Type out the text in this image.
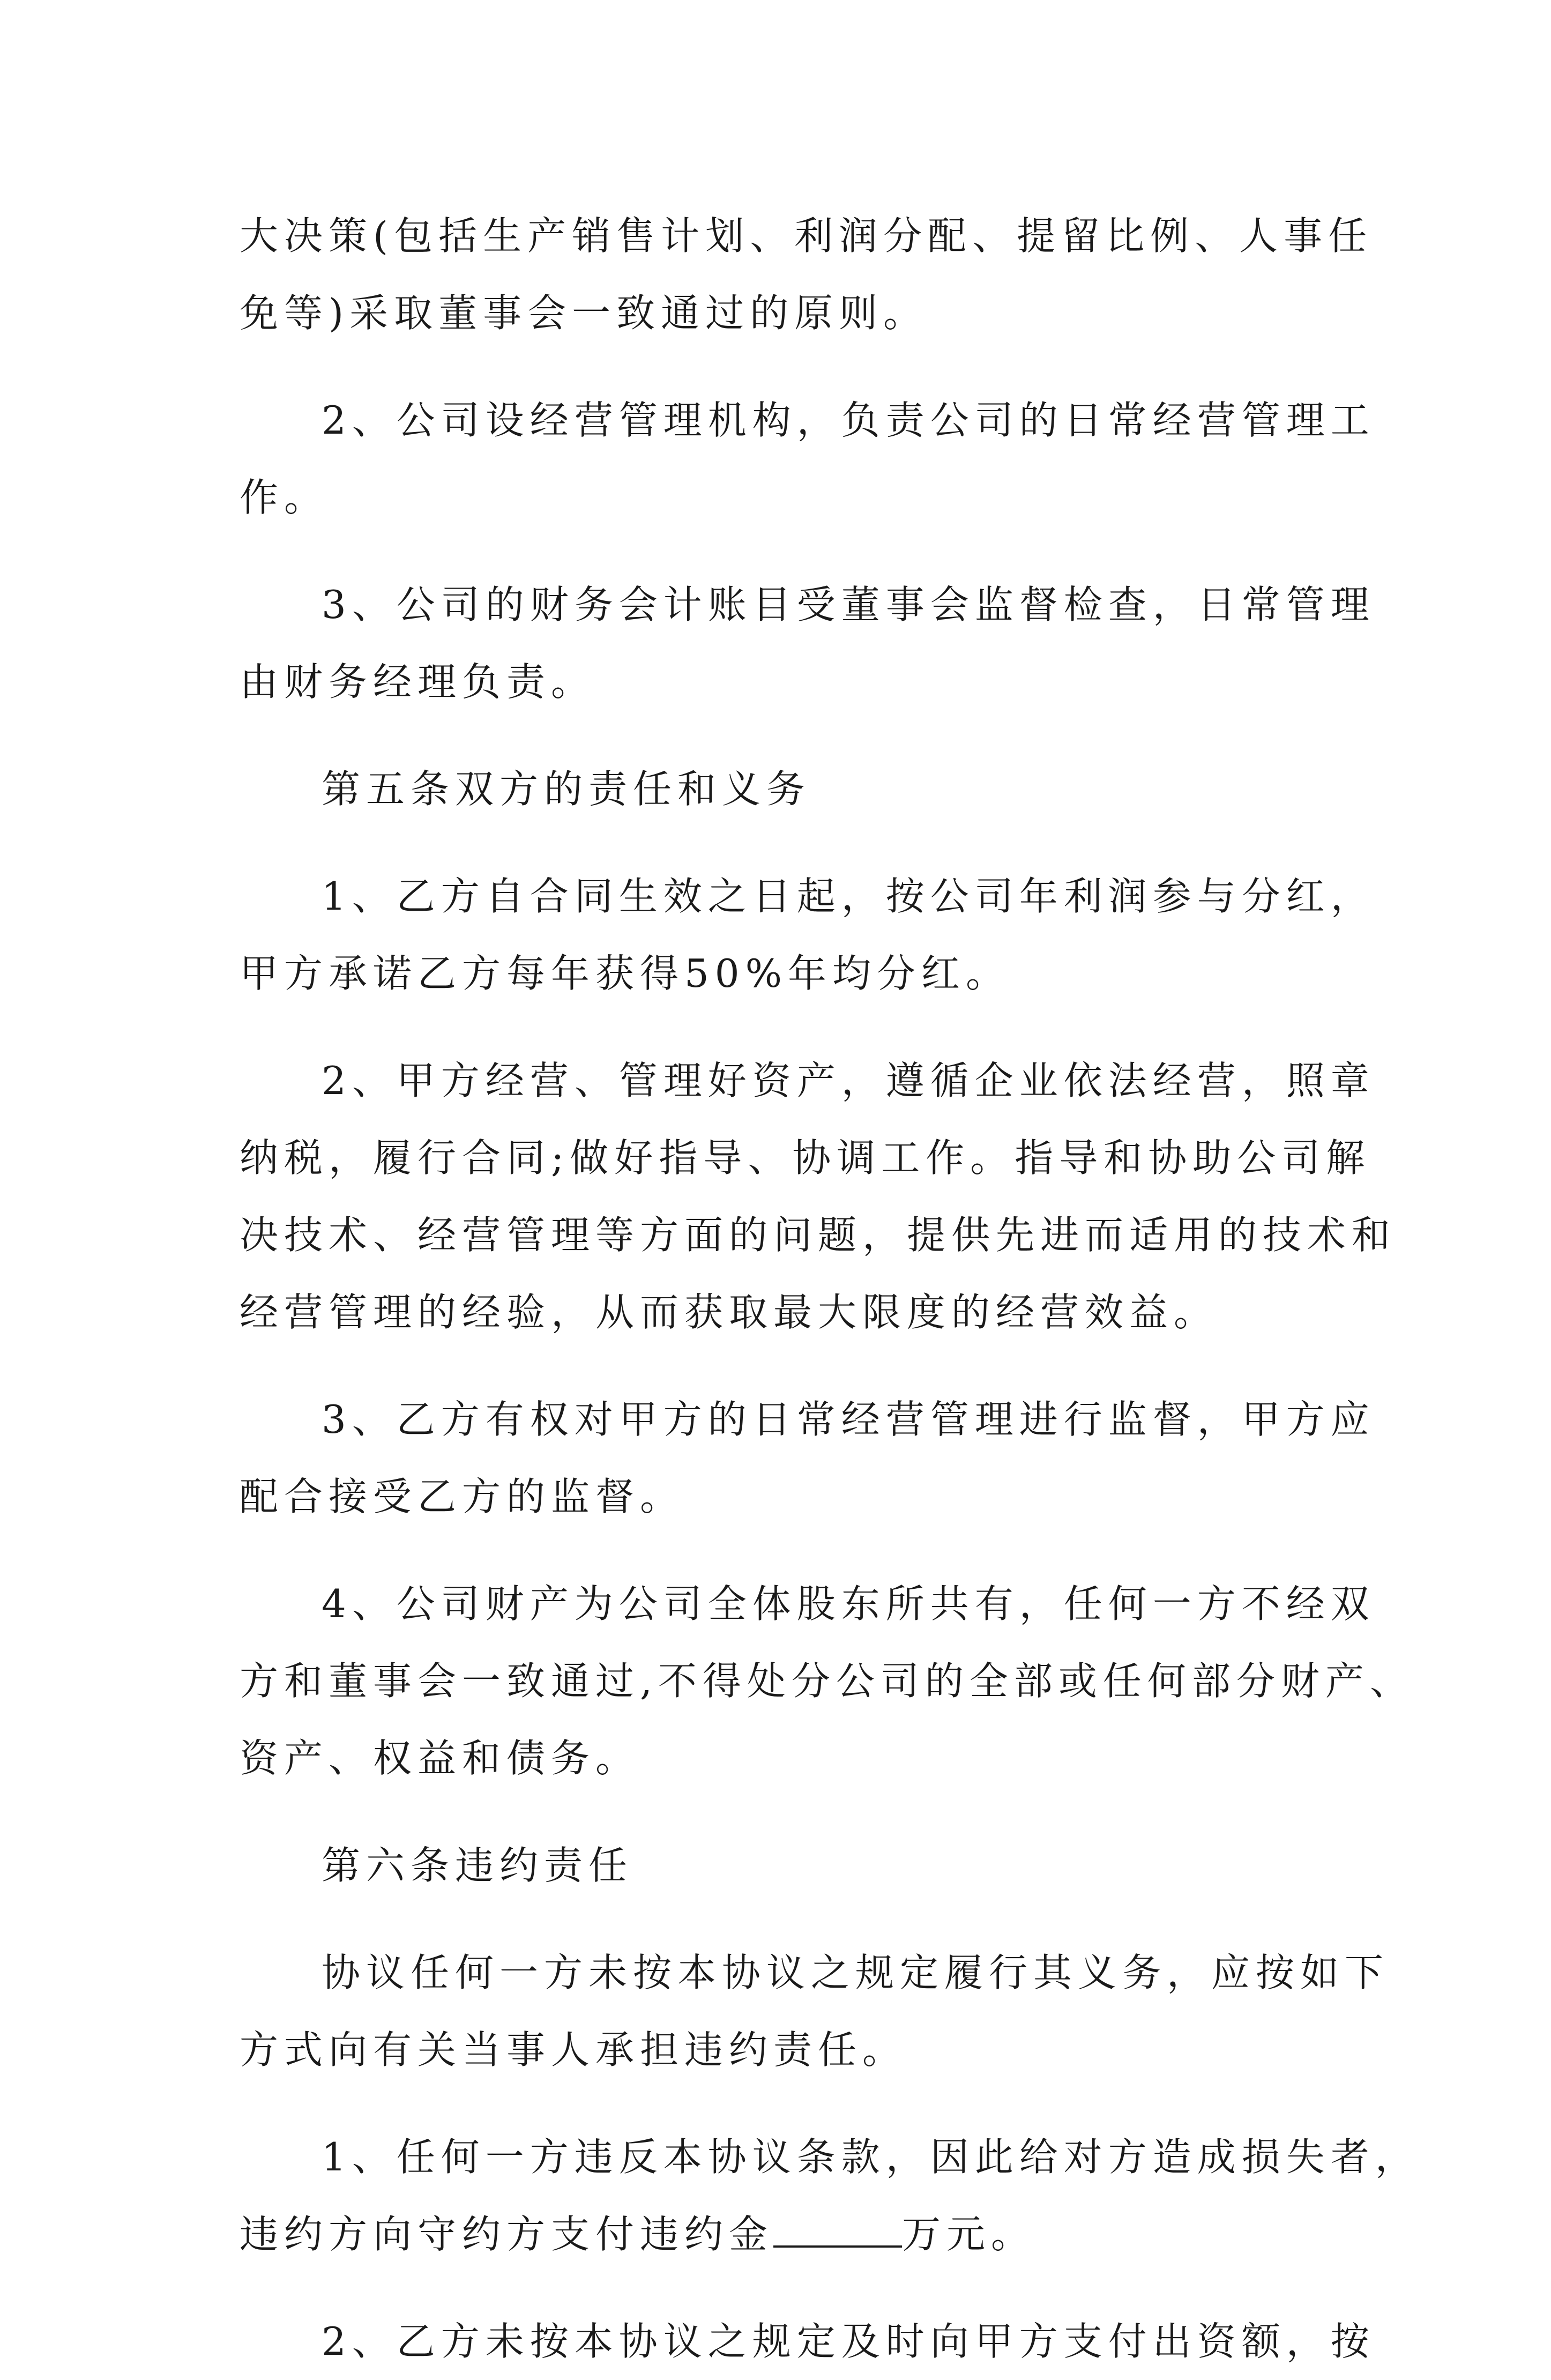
大决策(包括生产销售计划、利润分配、提留比例、人事任
免等)采取董事会一致通过的原则。
2、公司设经营管理机构，负责公司的日常经营管理工
作。
3、公司的财务会计账目受董事会监督检查，日常管理
由财务经理负责。
第五条双方的责任和义务
1、乙方自合同生效之日起，按公司年利润参与分红，
甲方承诺乙方每年获得50%年均分红。
2、甲方经营、管理好资产，遵循企业依法经营，照章
纳税，履行合同;做好指导、协调工作。指导和协助公司解
决技术、经营管理等方面的问题，提供先进而适用的技术和
经营管理的经验，从而获取最大限度的经营效益。
3、乙方有权对甲方的日常经营管理进行监督，甲方应
配合接受乙方的监督。
4、公司财产为公司全体股东所共有，任何一方不经双
方和董事会一致通过,不得处分公司的全部或任何部分财产、
资产、权益和债务。
第六条违约责任
协议任何一方未按本协议之规定履行其义务，应按如下
方式向有关当事人承担违约责任。
1、任何一方违反本协议条款，因此给对方造成损失者，
违约方向守约方支付违约金	万元。
2、乙方未按本协议之规定及时向甲方支付出资额，按
